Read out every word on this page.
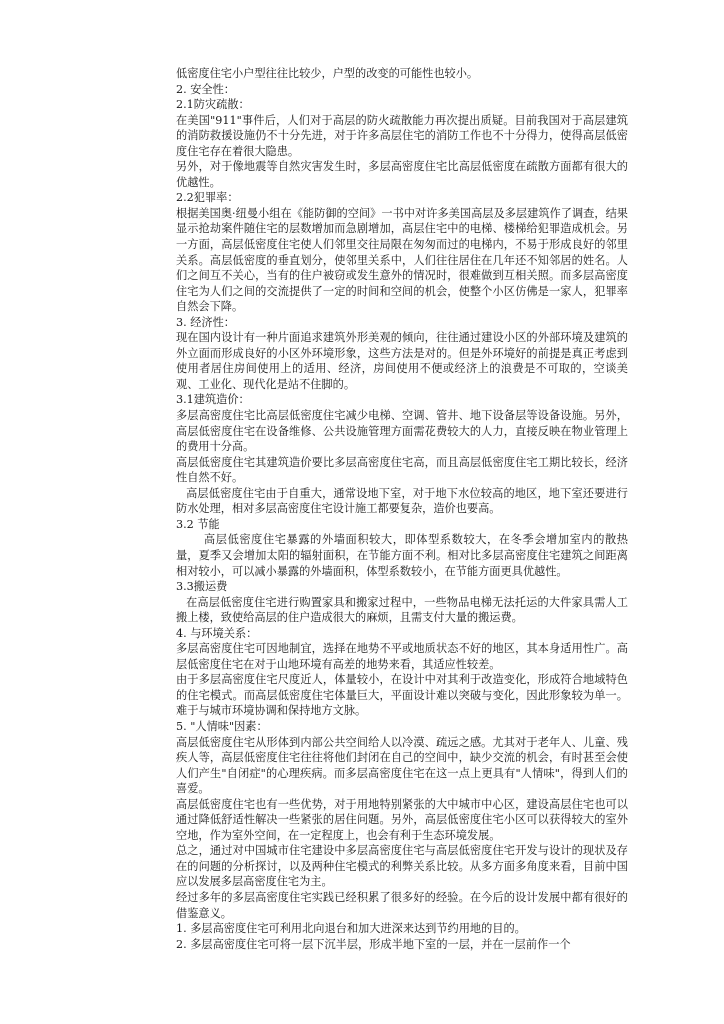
低密度住宅小户型往往比较少，户型的改变的可能性也较小。

2. 安全性：

2.1防灾疏散：

在美国"911"事件后，人们对于高层的防火疏散能力再次提出质疑。目前我国对于高层建筑的消防救援设施仍不十分先进，对于许多高层住宅的消防工作也不十分得力，使得高层低密度住宅存在着很大隐患。

另外，对于像地震等自然灾害发生时，多层高密度住宅比高层低密度在疏散方面都有很大的优越性。

2.2犯罪率：

根据美国奥·纽曼小组在《能防御的空间》一书中对许多美国高层及多层建筑作了调查，结果显示抢劫案件随住宅的层数增加而急剧增加，高层住宅中的电梯、楼梯给犯罪造成机会。另一方面，高层低密度住宅使人们邻里交往局限在匆匆而过的电梯内，不易于形成良好的邻里关系。高层低密度的垂直划分，使邻里关系中，人们往往居住在几年还不知邻居的姓名。人们之间互不关心，当有的住户被窃或发生意外的情况时，很难做到互相关照。而多层高密度住宅为人们之间的交流提供了一定的时间和空间的机会，使整个小区仿佛是一家人，犯罪率自然会下降。

3. 经济性：

现在国内设计有一种片面追求建筑外形美观的倾向，往往通过建设小区的外部环境及建筑的外立面而形成良好的小区外环境形象，这些方法是对的。但是外环境好的前提是真正考虑到使用者居住房间使用上的适用、经济，房间使用不便或经济上的浪费是不可取的，空谈美观、工业化、现代化是站不住脚的。

3.1建筑造价：

多层高密度住宅比高层低密度住宅减少电梯、空调、管井、地下设备层等设备设施。另外，高层低密度住宅在设备维修、公共设施管理方面需花费较大的人力，直接反映在物业管理上的费用十分高。

高层低密度住宅其建筑造价要比多层高密度住宅高，而且高层低密度住宅工期比较长，经济性自然不好。

高层低密度住宅由于自重大，通常设地下室，对于地下水位较高的地区，地下室还要进行防水处理，相对多层高密度住宅设计施工都要复杂，造价也要高。

3.2 节能

高层低密度住宅暴露的外墙面积较大，即体型系数较大，在冬季会增加室内的散热量，夏季又会增加太阳的辐射面积，在节能方面不利。相对比多层高密度住宅建筑之间距离相对较小，可以减小暴露的外墙面积，体型系数较小，在节能方面更具优越性。

3.3搬运费

在高层低密度住宅进行购置家具和搬家过程中，一些物品电梯无法托运的大件家具需人工搬上楼，致使给高层的住户造成很大的麻烦，且需支付大量的搬运费。

4. 与环境关系：

多层高密度住宅可因地制宜，选择在地势不平或地质状态不好的地区，其本身适用性广。高层低密度住宅在对于山地环境有高差的地势来看，其适应性较差。

由于多层高密度住宅尺度近人，体量较小，在设计中对其利于改造变化，形成符合地域特色的住宅模式。而高层低密度住宅体量巨大，平面设计难以突破与变化，因此形象较为单一。难于与城市环境协调和保持地方文脉。

5. "人情味"因素：

高层低密度住宅从形体到内部公共空间给人以冷漠、疏远之感。尤其对于老年人、儿童、残疾人等，高层低密度住宅往往将他们封闭在自己的空间中，缺少交流的机会，有时甚至会使人们产生"自闭症"的心理疾病。而多层高密度住宅在这一点上更具有"人情味"，得到人们的喜爱。

高层低密度住宅也有一些优势，对于用地特别紧张的大中城市中心区，建设高层住宅也可以通过降低舒适性解决一些紧张的居住问题。另外，高层低密度住宅小区可以获得较大的室外空地，作为室外空间，在一定程度上，也会有利于生态环境发展。

总之，通过对中国城市住宅建设中多层高密度住宅与高层低密度住宅开发与设计的现状及存在的问题的分析探讨，以及两种住宅模式的利弊关系比较。从多方面多角度来看，目前中国应以发展多层高密度住宅为主。

经过多年的多层高密度住宅实践已经积累了很多好的经验。在今后的设计发展中都有很好的借鉴意义。

1. 多层高密度住宅可利用北向退台和加大进深来达到节约用地的目的。

2. 多层高密度住宅可将一层下沉半层，形成半地下室的一层，并在一层前作一个
